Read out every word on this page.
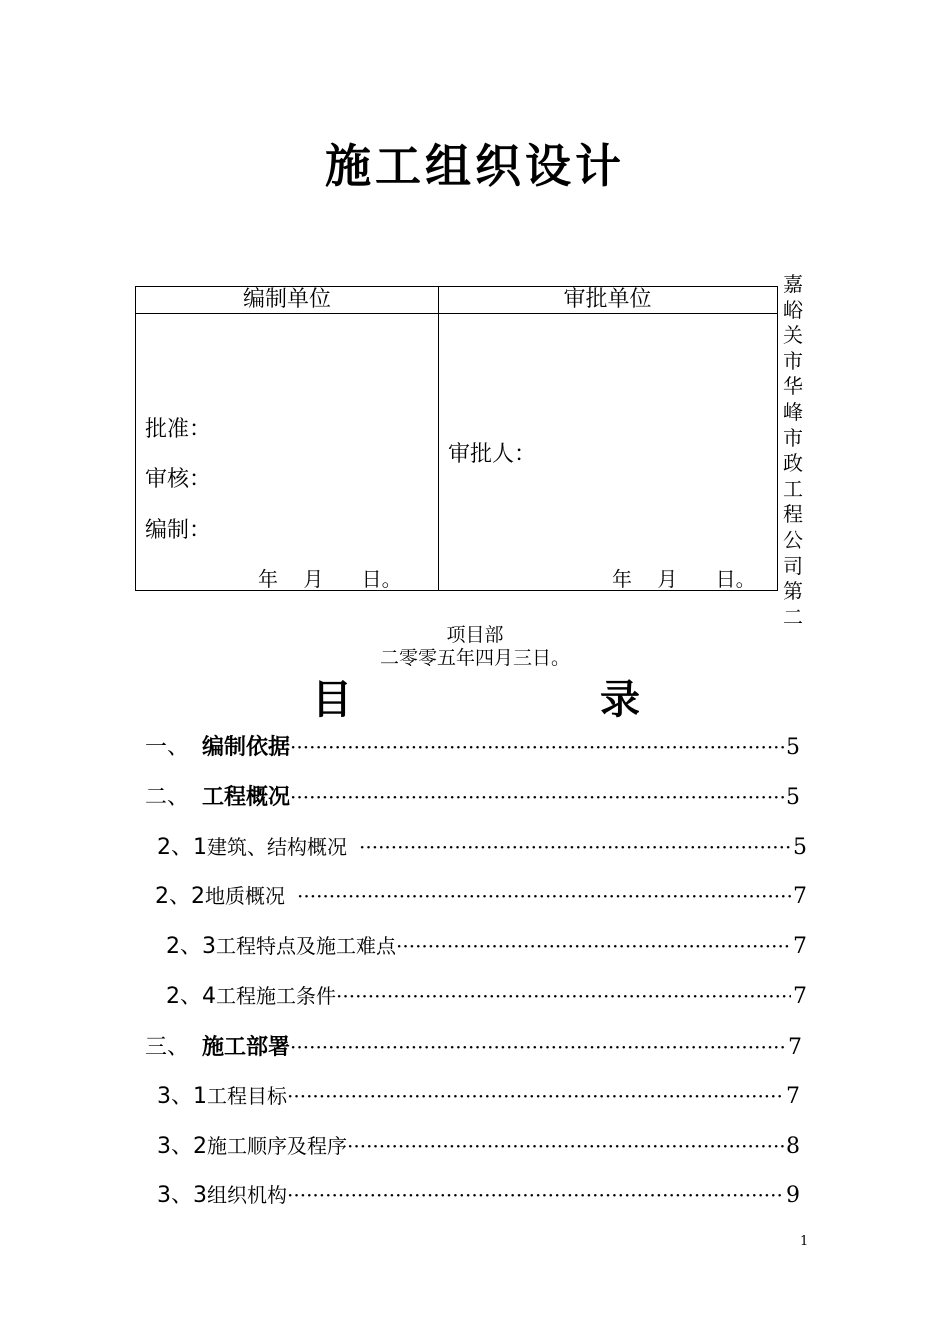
施工组织设计
编制单位	审批单位
批准：
审核：
编制：
年    月      日。
审批人：
年    月      日。
嘉峪关市华峰市政工程公司第二
项目部
二零零五年四月三日。
目	录
一、 编制依据 ·····	5
二、 工程概况 ·····	5
2、1 建筑、结构概况 ·····	5
2、2 地质概况 ·····	7
2、3 工程特点及施工难点 ·····	7
2、4 工程施工条件 ·····	7
三、 施工部署 ·····	7
3、1 工程目标 ·····	7
3、2 施工顺序及程序 ·····	8
3、3 组织机构 ·····	9
1
